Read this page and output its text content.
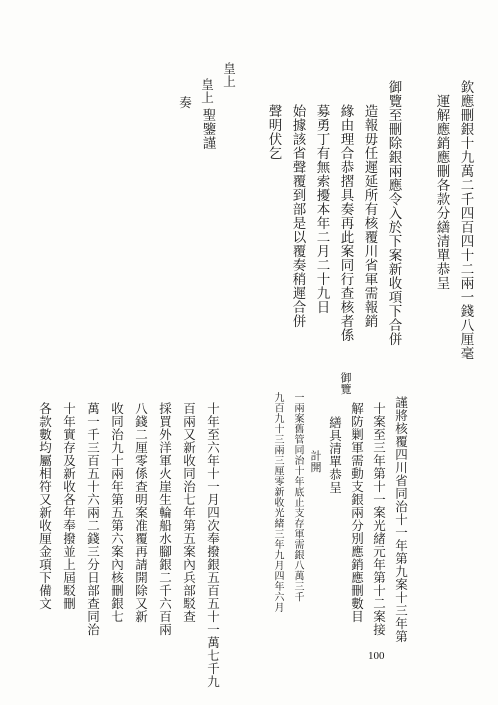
欽應刪銀十九萬二千四百四十二兩一錢八厘毫
運解應銷應刪各款分繕清單恭呈
御覽至刪除銀兩應令入於下案新收項下合併
造報毋任遲延所有核覆川省軍需報銷
緣由理合恭摺具奏再此案同行查核者係
募勇丁有無索擾本年二月二十九日
始據該省聲覆到部是以覆奏稍遲合併
聲明伏乞
皇上
皇上
聖鑒謹
奏
謹將核覆四川省同治十一年第九案十三年第
十案至三年第十一案光緒元年第十二案接
解防剿軍需動支銀兩分別應銷應刪數目
繕具清單恭呈
御覽
計開
一兩案舊管同治十年底止支存軍需銀八萬三千
九百九十三兩三厘零新收光緒三年九月四年六月
十年至六年十一月四次奉撥銀五百五十一萬七千九
百兩又新收同治七年第五案內兵部駁查
採買外洋軍火崖生輪船水腳銀二千六百兩
八錢二厘零係查明案准覆再請開除又新
收同治九十兩年第五第六案內核刪銀七
萬一千三百五十六兩二錢三分日部查同治
十年實存及新收各年奉撥並上屆駁刪
各款數均屬相符又新收厘金項下備文
100
